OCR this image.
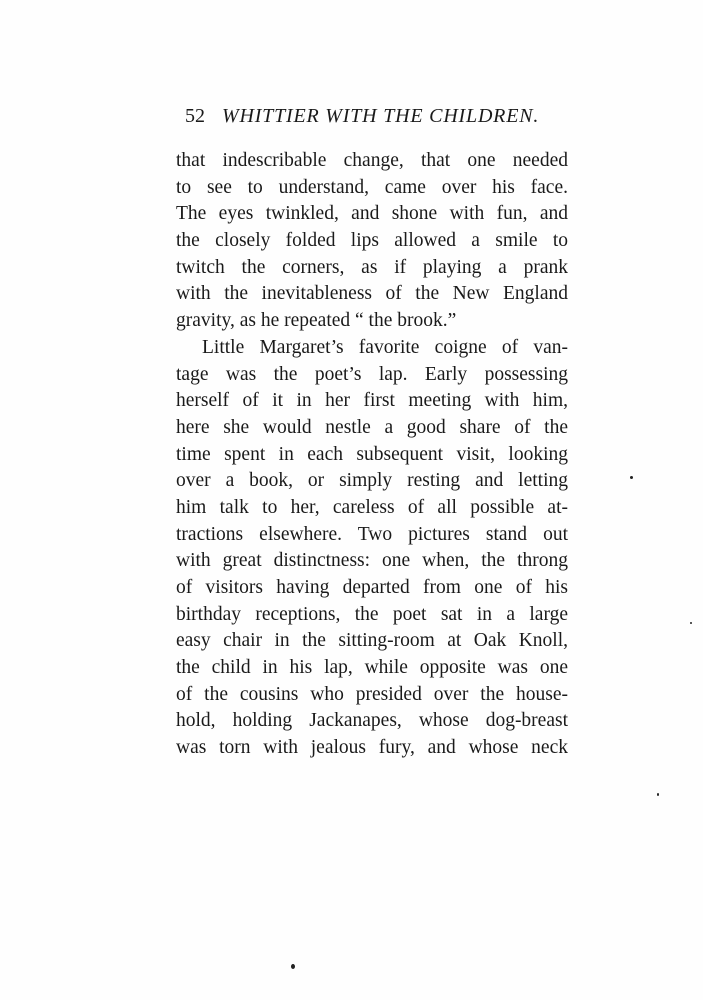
52 WHITTIER WITH THE CHILDREN.
that indescribable change, that one needed
to see to understand, came over his face.
The eyes twinkled, and shone with fun, and
the closely folded lips allowed a smile to
twitch the corners, as if playing a prank
with the inevitableness of the New England
gravity, as he repeated “ the brook.”
Little Margaret’s favorite coigne of van-
tage was the poet’s lap. Early possessing
herself of it in her first meeting with him,
here she would nestle a good share of the
time spent in each subsequent visit, looking
over a book, or simply resting and letting
him talk to her, careless of all possible at-
tractions elsewhere. Two pictures stand out
with great distinctness: one when, the throng
of visitors having departed from one of his
birthday receptions, the poet sat in a large
easy chair in the sitting-room at Oak Knoll,
the child in his lap, while opposite was one
of the cousins who presided over the house-
hold, holding Jackanapes, whose dog-breast
was torn with jealous fury, and whose neck
